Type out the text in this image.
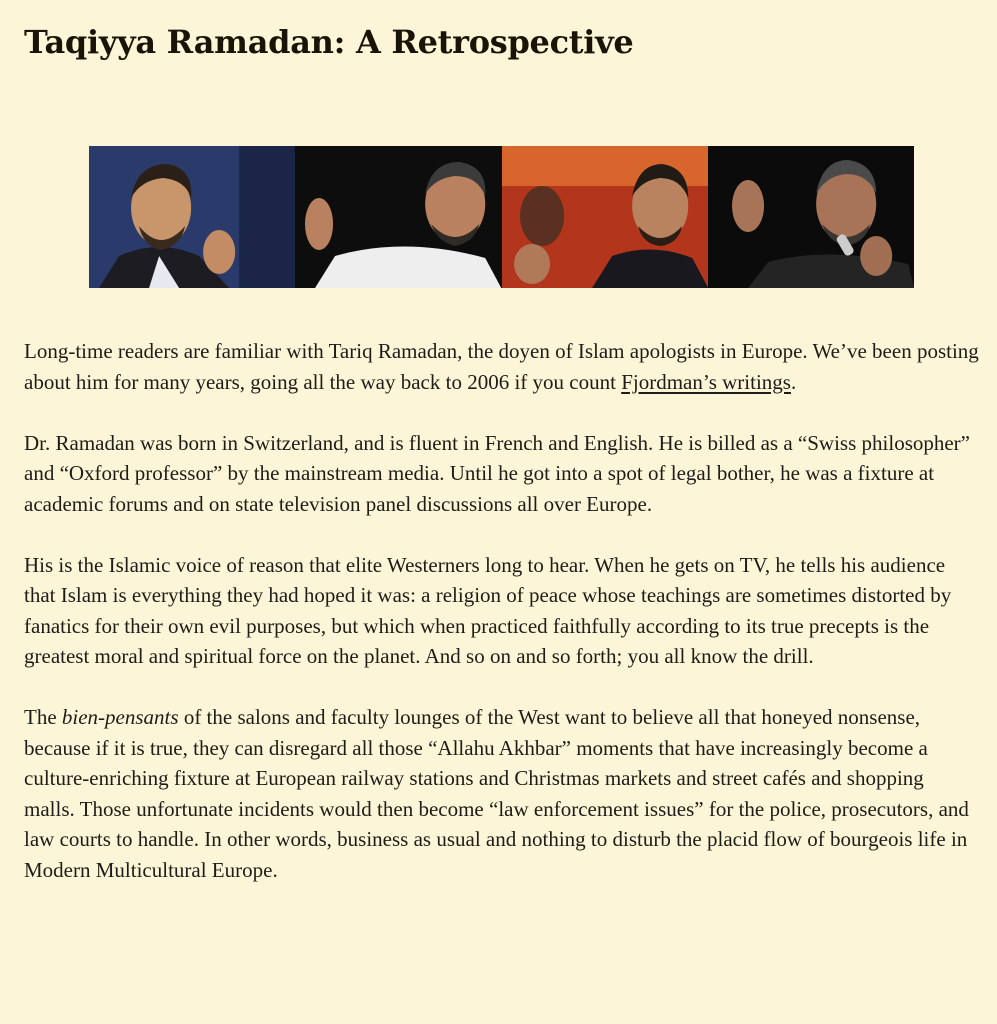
Taqiyya Ramadan: A Retrospective

Long-time readers are familiar with Tariq Ramadan, the doyen of Islam apologists in Europe. We’ve been posting about him for many years, going all the way back to 2006 if you count Fjordman’s writings.

Dr. Ramadan was born in Switzerland, and is fluent in French and English. He is billed as a “Swiss philosopher” and “Oxford professor” by the mainstream media. Until he got into a spot of legal bother, he was a fixture at academic forums and on state television panel discussions all over Europe.

His is the Islamic voice of reason that elite Westerners long to hear. When he gets on TV, he tells his audience that Islam is everything they had hoped it was: a religion of peace whose teachings are sometimes distorted by fanatics for their own evil purposes, but which when practiced faithfully according to its true precepts is the greatest moral and spiritual force on the planet. And so on and so forth; you all know the drill.

The bien-pensants of the salons and faculty lounges of the West want to believe all that honeyed nonsense, because if it is true, they can disregard all those “Allahu Akhbar” moments that have increasingly become a culture-enriching fixture at European railway stations and Christmas markets and street cafés and shopping malls. Those unfortunate incidents would then become “law enforcement issues” for the police, prosecutors, and law courts to handle. In other words, business as usual and nothing to disturb the placid flow of bourgeois life in Modern Multicultural Europe.
